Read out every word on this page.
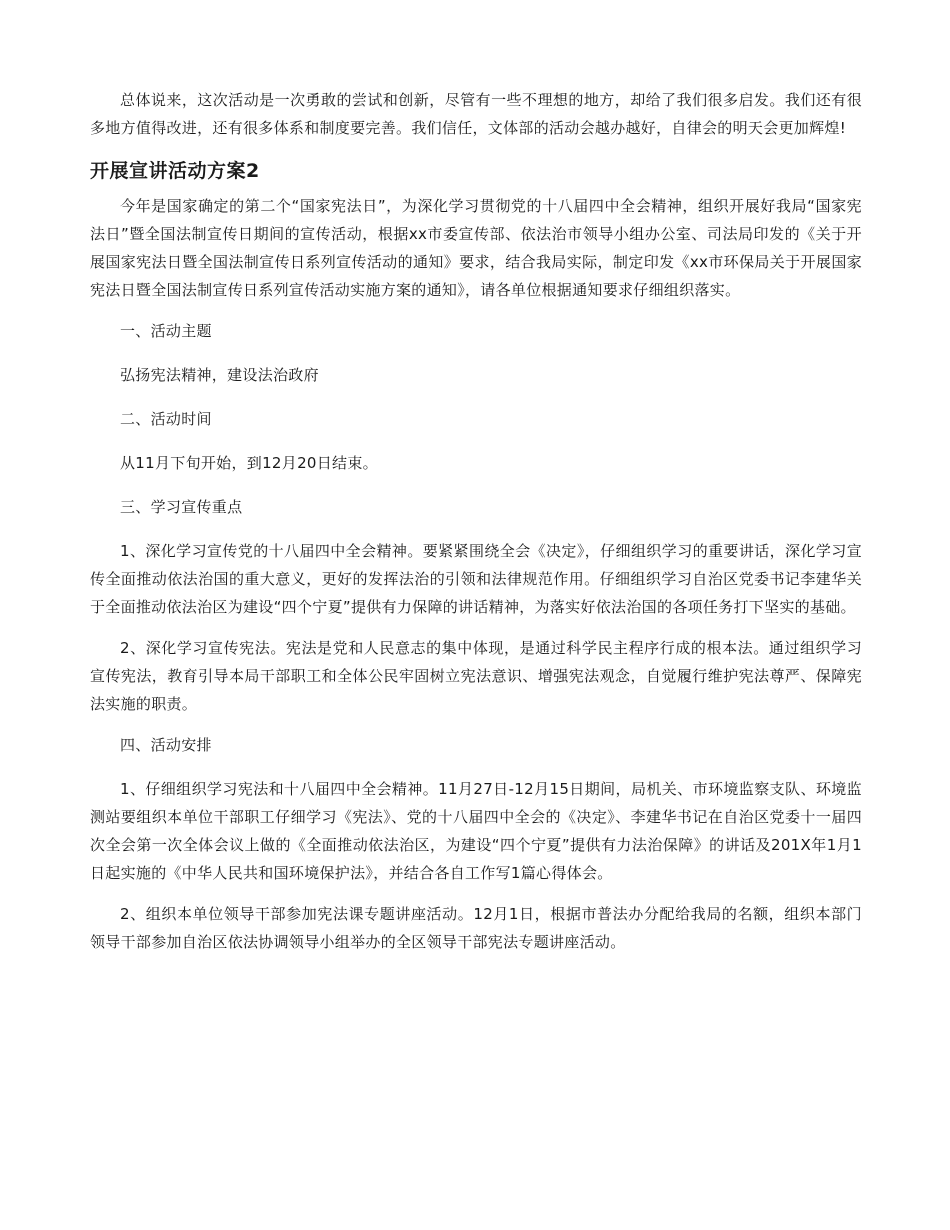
总体说来，这次活动是一次勇敢的尝试和创新，尽管有一些不理想的地方，却给了我们很多启发。我们还有很多地方值得改进，还有很多体系和制度要完善。我们信任，文体部的活动会越办越好，自律会的明天会更加辉煌!

开展宣讲活动方案2

今年是国家确定的第二个“国家宪法日”，为深化学习贯彻党的十八届四中全会精神，组织开展好我局“国家宪法日”暨全国法制宣传日期间的宣传活动，根据xx市委宣传部、依法治市领导小组办公室、司法局印发的《关于开展国家宪法日暨全国法制宣传日系列宣传活动的通知》要求，结合我局实际，制定印发《xx市环保局关于开展国家宪法日暨全国法制宣传日系列宣传活动实施方案的通知》，请各单位根据通知要求仔细组织落实。

一、活动主题

弘扬宪法精神，建设法治政府

二、活动时间

从11月下旬开始，到12月20日结束。

三、学习宣传重点

1、深化学习宣传党的十八届四中全会精神。要紧紧围绕全会《决定》，仔细组织学习的重要讲话，深化学习宣传全面推动依法治国的重大意义，更好的发挥法治的引领和法律规范作用。仔细组织学习自治区党委书记李建华关于全面推动依法治区为建设“四个宁夏”提供有力保障的讲话精神，为落实好依法治国的各项任务打下坚实的基础。

2、深化学习宣传宪法。宪法是党和人民意志的集中体现，是通过科学民主程序行成的根本法。通过组织学习宣传宪法，教育引导本局干部职工和全体公民牢固树立宪法意识、增强宪法观念，自觉履行维护宪法尊严、保障宪法实施的职责。

四、活动安排

1、仔细组织学习宪法和十八届四中全会精神。11月27日-12月15日期间，局机关、市环境监察支队、环境监测站要组织本单位干部职工仔细学习《宪法》、党的十八届四中全会的《决定》、李建华书记在自治区党委十一届四次全会第一次全体会议上做的《全面推动依法治区，为建设“四个宁夏”提供有力法治保障》的讲话及201X年1月1日起实施的《中华人民共和国环境保护法》，并结合各自工作写1篇心得体会。

2、组织本单位领导干部参加宪法课专题讲座活动。12月1日，根据市普法办分配给我局的名额，组织本部门领导干部参加自治区依法协调领导小组举办的全区领导干部宪法专题讲座活动。
